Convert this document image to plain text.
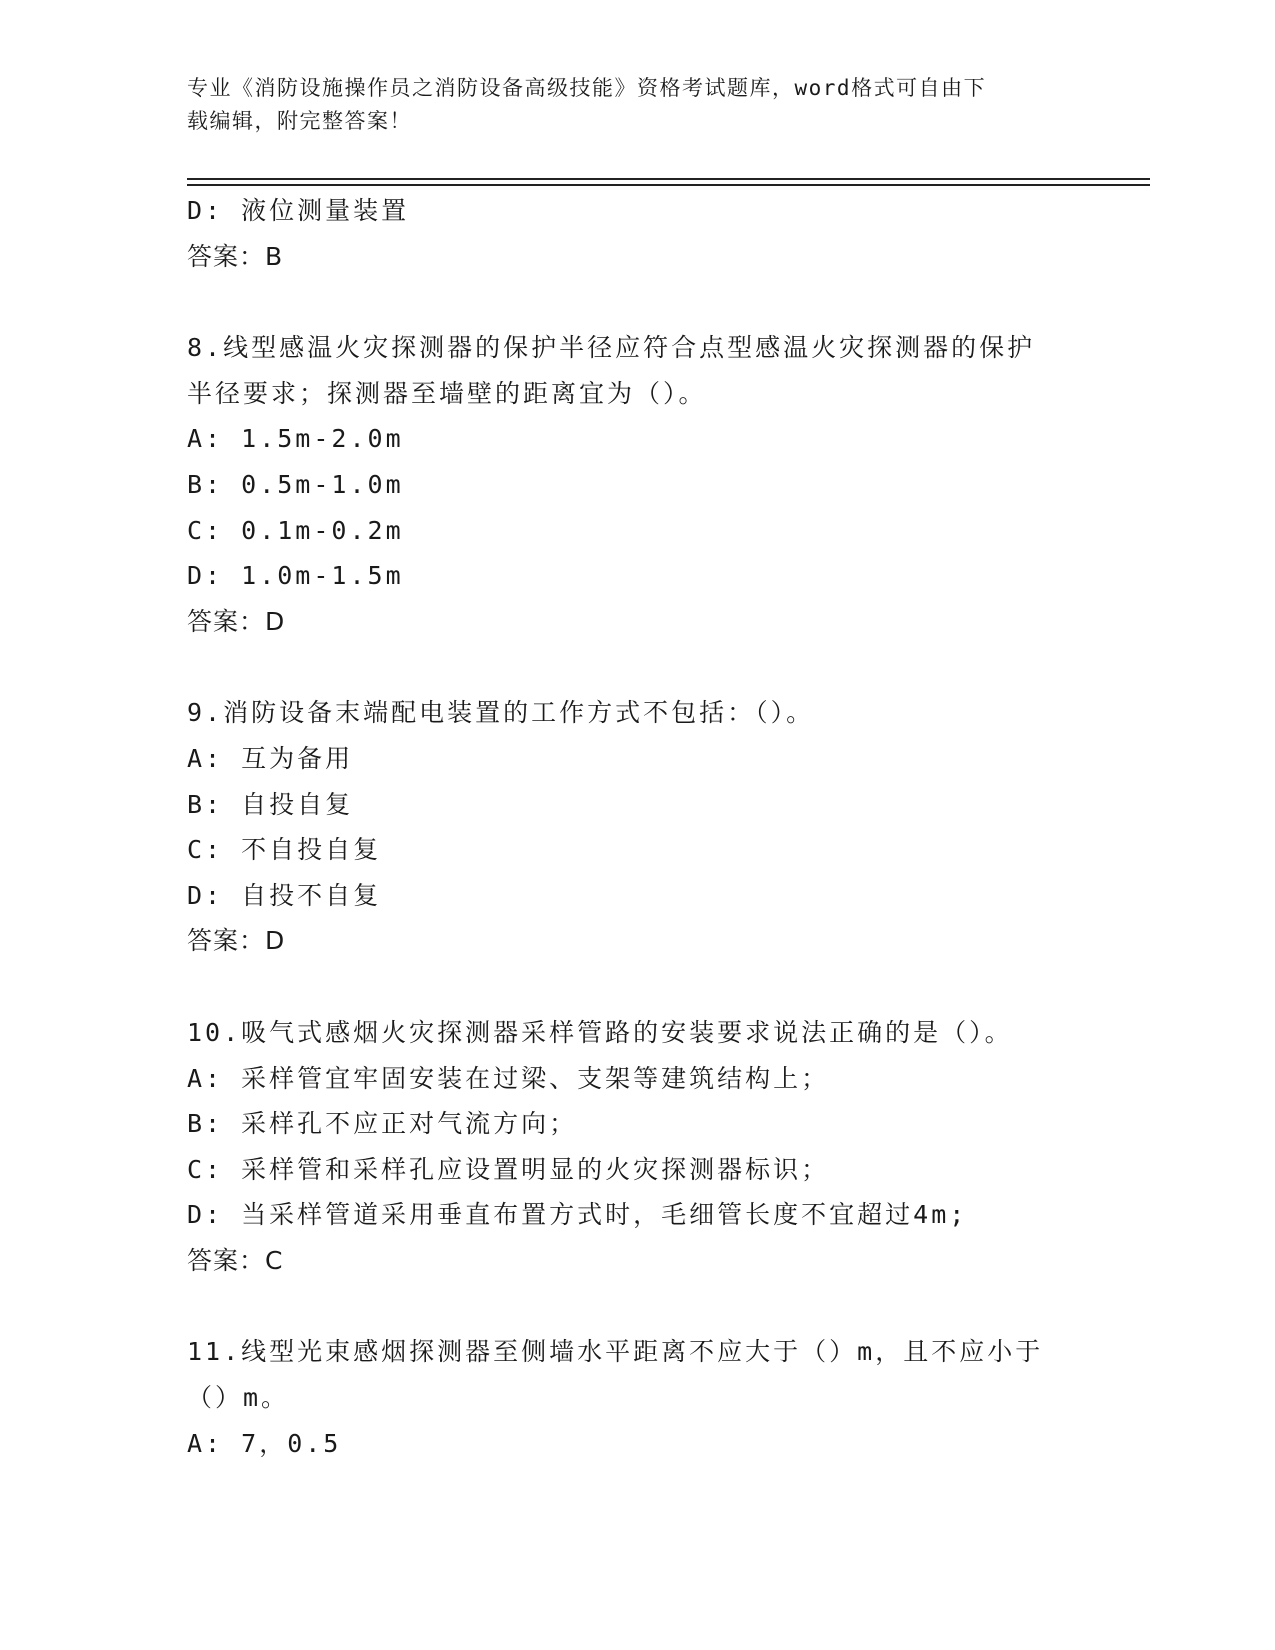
专业《消防设施操作员之消防设备高级技能》资格考试题库，word格式可自由下
载编辑，附完整答案！
D: 液位测量装置
答案：B
8.线型感温火灾探测器的保护半径应符合点型感温火灾探测器的保护
半径要求；探测器至墙壁的距离宜为（）。
A: 1.5m-2.0m
B: 0.5m-1.0m
C: 0.1m-0.2m
D: 1.0m-1.5m
答案：D
9.消防设备末端配电装置的工作方式不包括：（）。
A: 互为备用
B: 自投自复
C: 不自投自复
D: 自投不自复
答案：D
10.吸气式感烟火灾探测器采样管路的安装要求说法正确的是（）。
A: 采样管宜牢固安装在过梁、支架等建筑结构上；
B: 采样孔不应正对气流方向；
C: 采样管和采样孔应设置明显的火灾探测器标识；
D: 当采样管道采用垂直布置方式时，毛细管长度不宜超过4m;
答案：C
11.线型光束感烟探测器至侧墙水平距离不应大于（）m，且不应小于
（）m。
A: 7，0.5
